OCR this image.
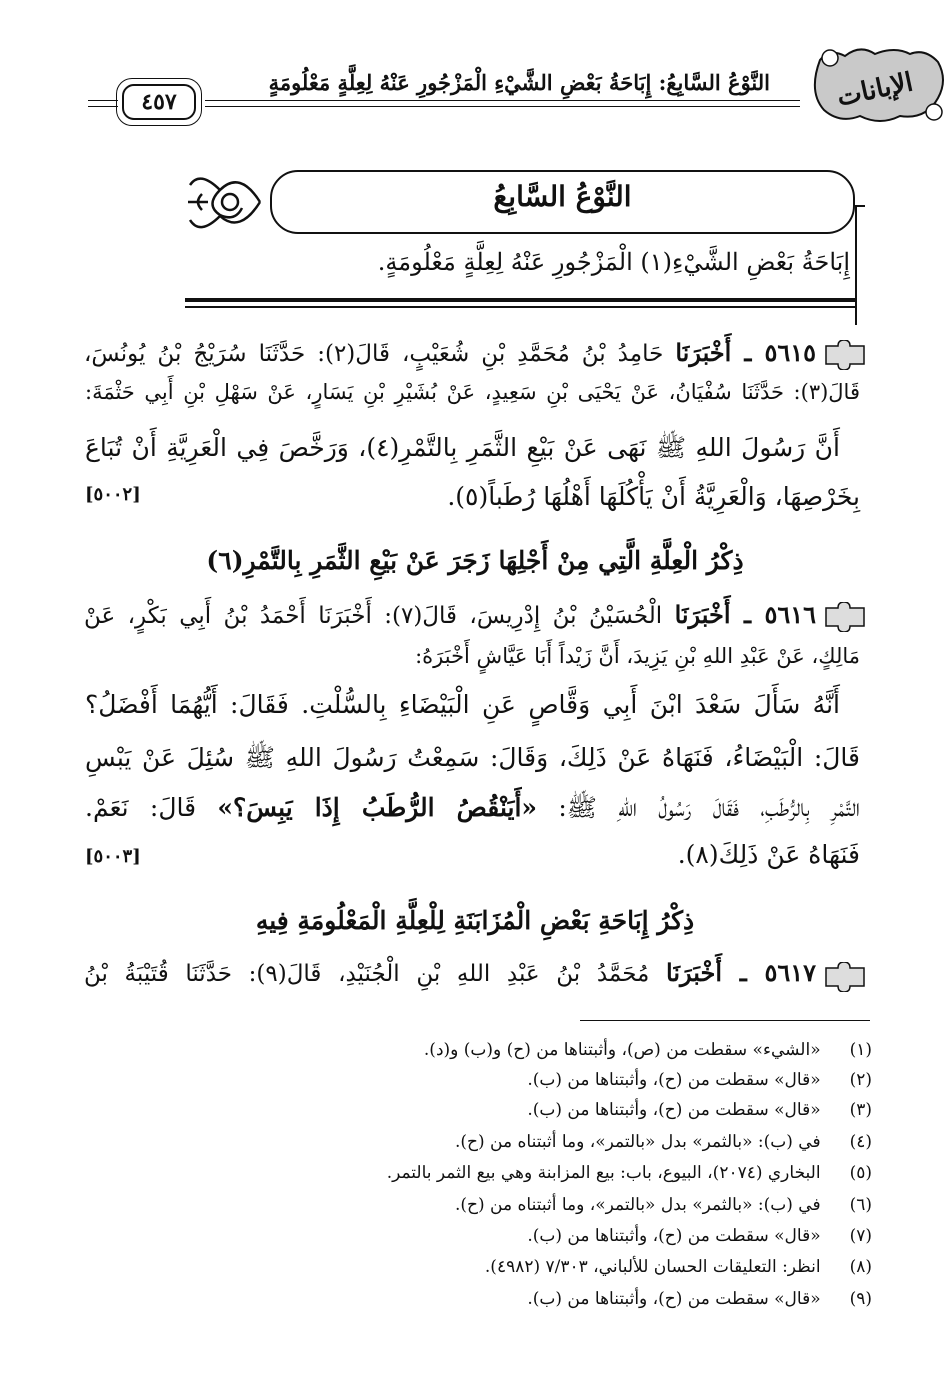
الإبانات
النَّوْعُ السَّابِعُ: إِبَاحَةُ بَعْضِ الشَّيْءِ الْمَزْجُورِ عَنْهُ لِعِلَّةٍ مَعْلُومَةٍ
٤٥٧
النَّوْعُ السَّابِعُ
إِبَاحَةُ بَعْضِ الشَّيْءِ(١) الْمَزْجُورِ عَنْهُ لِعِلَّةٍ مَعْلُومَةٍ.
٥٦١٥ ـ أَخْبَرَنَا حَامِدُ بْنُ مُحَمَّدِ بْنِ شُعَيْبٍ، قَالَ(٢): حَدَّثَنَا سُرَيْجُ بْنُ يُونُسَ،
قَالَ(٣): حَدَّثَنَا سُفْيَانُ، عَنْ يَحْيَى بْنِ سَعِيدٍ، عَنْ بُشَيْرِ بْنِ يَسَارٍ، عَنْ سَهْلِ بْنِ أَبِي حَثْمَةَ:
أَنَّ رَسُولَ اللهِ ﷺ نَهَى عَنْ بَيْعِ الثَّمَرِ بِالتَّمْرِ(٤)، وَرَخَّصَ فِي الْعَرِيَّةِ أَنْ تُبَاعَ
بِخَرْصِهَا، وَالْعَرِيَّةُ أَنْ يَأْكُلَهَا أَهْلُهَا رُطَباً(٥).
[٥٠٠٢]
ذِكْرُ الْعِلَّةِ الَّتِي مِنْ أَجْلِهَا زَجَرَ عَنْ بَيْعِ الثَّمَرِ بِالتَّمْرِ(٦)
٥٦١٦ ـ أَخْبَرَنَا الْحُسَيْنُ بْنُ إِدْرِيسَ، قَالَ(٧): أَخْبَرَنَا أَحْمَدُ بْنُ أَبِي بَكْرٍ، عَنْ
مَالِكٍ، عَنْ عَبْدِ اللهِ بْنِ يَزِيدَ، أَنَّ زَيْداً أَبَا عَيَّاشٍ أَخْبَرَهُ:
أَنَّهُ سَأَلَ سَعْدَ ابْنَ أَبِي وَقَّاصٍ عَنِ الْبَيْضَاءِ بِالسُّلْتِ. فَقَالَ: أَيُّهُمَا أَفْضَلُ؟
قَالَ: الْبَيْضَاءُ، فَنَهَاهُ عَنْ ذَلِكَ، وَقَالَ: سَمِعْتُ رَسُولَ اللهِ ﷺ سُئِلَ عَنْ يَبْسِ
التَّمْرِ بِالرُّطَبِ، فَقَالَ رَسُولُ اللهِ ﷺ: «أَيَنْقُصُ الرُّطَبُ إِذَا يَبِسَ؟» قَالَ: نَعَمْ.
فَنَهَاهُ عَنْ ذَلِكَ(٨).
[٥٠٠٣]
ذِكْرُ إِبَاحَةِ بَعْضِ الْمُزَابَنَةِ لِلْعِلَّةِ الْمَعْلُومَةِ فِيهِ
٥٦١٧ ـ أَخْبَرَنَا مُحَمَّدُ بْنُ عَبْدِ اللهِ بْنِ الْجُنَيْدِ، قَالَ(٩): حَدَّثَنَا قُتَيْبَةُ بْنُ
(١) «الشيء» سقطت من (ص)، وأثبتناها من (ح) و(ب) و(د).
(٢) «قال» سقطت من (ح)، وأثبتناها من (ب).
(٣) «قال» سقطت من (ح)، وأثبتناها من (ب).
(٤) في (ب): «بالثمر» بدل «بالتمر»، وما أثبتناه من (ح).
(٥) البخاري (٢٠٧٤)، البيوع، باب: بيع المزابنة وهي بيع الثمر بالتمر.
(٦) في (ب): «بالثمر» بدل «بالتمر»، وما أثبتناه من (ح).
(٧) «قال» سقطت من (ح)، وأثبتناها من (ب).
(٨) انظر: التعليقات الحسان للألباني، ٧/٣٠٣ (٤٩٨٢).
(٩) «قال» سقطت من (ح)، وأثبتناها من (ب).
